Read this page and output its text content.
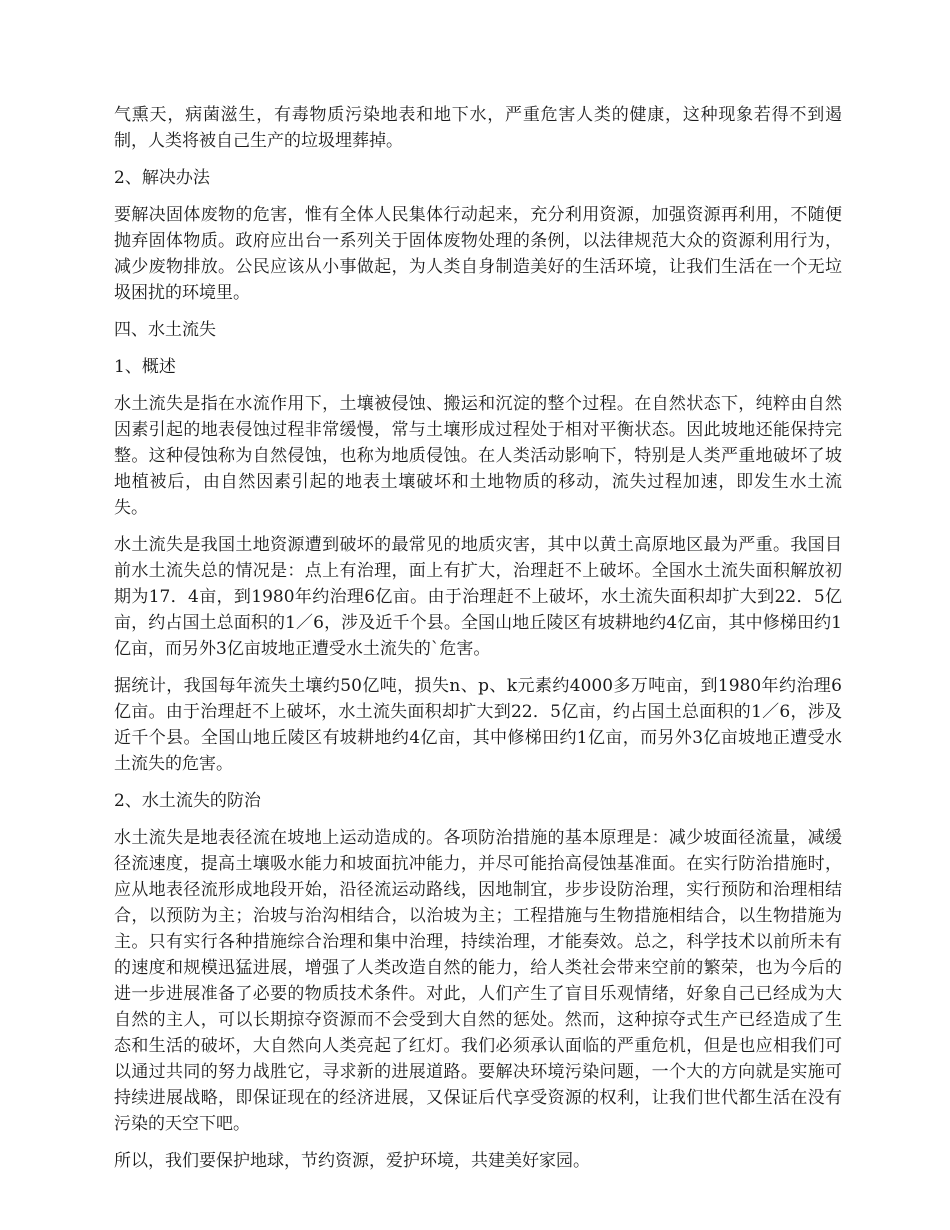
气熏天，病菌滋生，有毒物质污染地表和地下水，严重危害人类的健康，这种现象若得不到遏制，人类将被自己生产的垃圾埋葬掉。

2、解决办法

要解决固体废物的危害，惟有全体人民集体行动起来，充分利用资源，加强资源再利用，不随便抛弃固体物质。政府应出台一系列关于固体废物处理的条例，以法律规范大众的资源利用行为，减少废物排放。公民应该从小事做起，为人类自身制造美好的生活环境，让我们生活在一个无垃圾困扰的环境里。

四、水土流失

1、概述

水土流失是指在水流作用下，土壤被侵蚀、搬运和沉淀的整个过程。在自然状态下，纯粹由自然因素引起的地表侵蚀过程非常缓慢，常与土壤形成过程处于相对平衡状态。因此坡地还能保持完整。这种侵蚀称为自然侵蚀，也称为地质侵蚀。在人类活动影响下，特别是人类严重地破坏了坡地植被后，由自然因素引起的地表土壤破坏和土地物质的移动，流失过程加速，即发生水土流失。

水土流失是我国土地资源遭到破坏的最常见的地质灾害，其中以黄土高原地区最为严重。我国目前水土流失总的情况是：点上有治理，面上有扩大，治理赶不上破坏。全国水土流失面积解放初期为17．4亩，到1980年约治理6亿亩。由于治理赶不上破坏，水土流失面积却扩大到22．5亿亩，约占国土总面积的1／6，涉及近千个县。全国山地丘陵区有坡耕地约4亿亩，其中修梯田约1亿亩，而另外3亿亩坡地正遭受水土流失的`危害。

据统计，我国每年流失土壤约50亿吨，损失n、p、k元素约4000多万吨亩，到1980年约治理6亿亩。由于治理赶不上破坏，水土流失面积却扩大到22．5亿亩，约占国土总面积的1／6，涉及近千个县。全国山地丘陵区有坡耕地约4亿亩，其中修梯田约1亿亩，而另外3亿亩坡地正遭受水土流失的危害。

2、水土流失的防治

水土流失是地表径流在坡地上运动造成的。各项防治措施的基本原理是：减少坡面径流量，减缓径流速度，提高土壤吸水能力和坡面抗冲能力，并尽可能抬高侵蚀基准面。在实行防治措施时，应从地表径流形成地段开始，沿径流运动路线，因地制宜，步步设防治理，实行预防和治理相结合，以预防为主；治坡与治沟相结合，以治坡为主；工程措施与生物措施相结合，以生物措施为主。只有实行各种措施综合治理和集中治理，持续治理，才能奏效。总之，科学技术以前所未有的速度和规模迅猛进展，增强了人类改造自然的能力，给人类社会带来空前的繁荣，也为今后的进一步进展准备了必要的物质技术条件。对此，人们产生了盲目乐观情绪，好象自己已经成为大自然的主人，可以长期掠夺资源而不会受到大自然的惩处。然而，这种掠夺式生产已经造成了生态和生活的破坏，大自然向人类亮起了红灯。我们必须承认面临的严重危机，但是也应相我们可以通过共同的努力战胜它，寻求新的进展道路。要解决环境污染问题，一个大的方向就是实施可持续进展战略，即保证现在的经济进展，又保证后代享受资源的权利，让我们世代都生活在没有污染的天空下吧。

所以，我们要保护地球，节约资源，爱护环境，共建美好家园。
